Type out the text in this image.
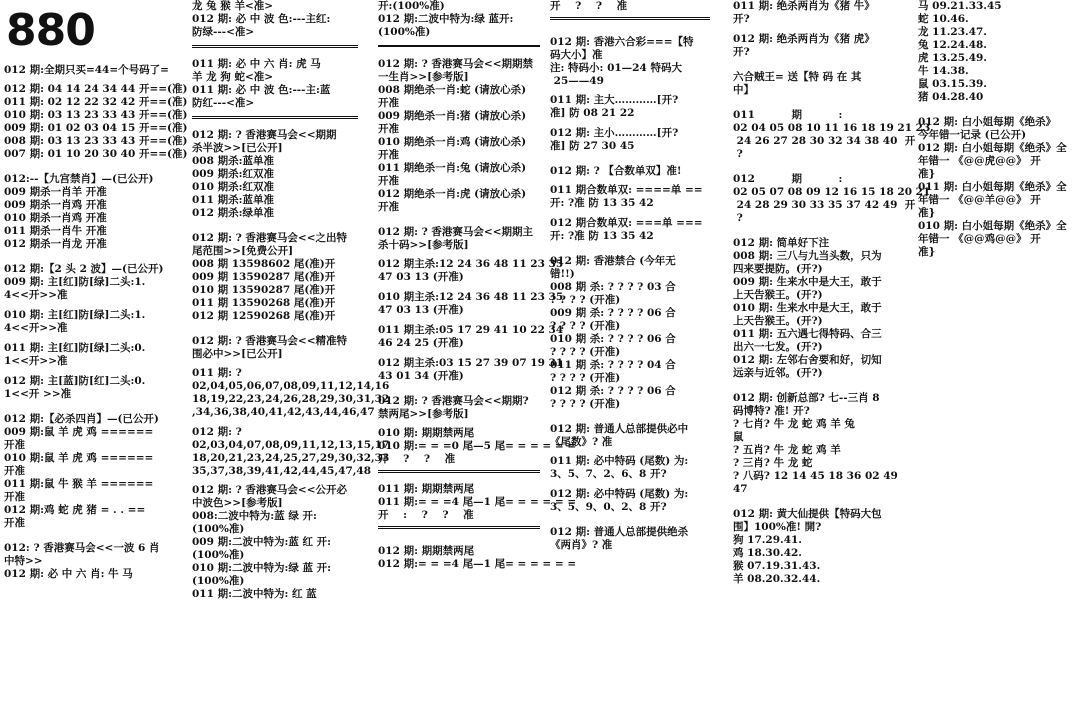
880
012 期:全期只买=44=个号码了=
012 期: 04 14 24 34 44 开==(准)
011 期: 02 12 22 32 42 开==(准)
010 期: 03 13 23 33 43 开==(准)
009 期: 01 02 03 04 15 开==(准)
008 期: 03 13 23 33 43 开==(准)
007 期: 01 10 20 30 40 开==(准)
012:--【九宫禁肖】—(已公开)
009 期杀一肖羊 开准
009 期杀一肖鸡 开准
010 期杀一肖鸡 开准
011 期杀一肖牛 开准
012 期杀一肖龙 开准
012 期:【2 头 2 波】—(已公开)
009 期: 主[红]防[绿]二头:1.
4<<开>>准
010 期: 主[红]防[绿]二头:1.
4<<开>>准
011 期: 主[红]防[绿]二头:0.
1<<开>>准
012 期: 主[蓝]防[红]二头:0.
1<<开 >>准
012 期:【必杀四肖】—(已公开)
009 期:鼠 羊 虎 鸡 ======
开准
010 期:鼠 羊 虎 鸡 ======
开准
011 期:鼠 牛 猴 羊 ======
开准
012 期:鸡 蛇 虎 猪 = . . ==
开准
012: ? 香港赛马会<<一波 6 肖
中特>>
012 期: 必 中 六 肖: 牛 马
龙 兔 猴 羊<准>
012 期: 必 中 波 色:---主红:
防绿---<准>
011 期: 必 中 六 肖: 虎 马
羊 龙 狗 蛇<准>
011 期: 必 中 波 色:---主:蓝
防红---<准>
012 期: ? 香港赛马会<<期期
杀半波>>[已公开]
008 期杀:蓝单准
009 期杀:红双准
010 期杀:红双准
011 期杀:蓝单准
012 期杀:绿单准
012 期: ? 香港赛马会<<之出特
尾范围>>[免费公开]
008 期 13598602 尾(准)开
009 期 13590287 尾(准)开
010 期 13590287 尾(准)开
011 期 13590268 尾(准)开
012 期 12590268 尾(准)开
012 期: ? 香港赛马会<<精准特
围必中>>[已公开]
011 期: ?
02,04,05,06,07,08,09,11,12,14,16
18,19,22,23,24,26,28,29,30,31,32
,34,36,38,40,41,42,43,44,46,47
012 期: ?
02,03,04,07,08,09,11,12,13,15,17
18,20,21,23,24,25,27,29,30,32,33
35,37,38,39,41,42,44,45,47,48
012 期: ? 香港赛马会<<公开必
中波色>>[参考版]
008:二波中特为:蓝 绿 开:
(100%准)
009 期:二波中特为:蓝 红 开:
(100%准)
010 期:二波中特为:绿 蓝 开:
(100%准)
011 期:二波中特为: 红 蓝
开:(100%准)
012 期:二波中特为:绿 蓝开:
(100%准)
012 期: ? 香港赛马会<<期期禁
一生肖>>[参考版]
008 期绝杀一肖:蛇 (请放心杀)
开准
009 期绝杀一肖:猪 (请放心杀)
开准
010 期绝杀一肖:鸡 (请放心杀)
开准
011 期绝杀一肖:兔 (请放心杀)
开准
012 期绝杀一肖:虎 (请放心杀)
开准
012 期: ? 香港赛马会<<期期主
杀十码>>[参考版]
012 期主杀:12 24 36 48 11 23 35
47 03 13 (开准)
010 期主杀:12 24 36 48 11 23 35
47 03 13 (开准)
011 期主杀:05 17 29 41 10 22 34
46 24 25 (开准)
012 期主杀:03 15 27 39 07 19 31
43 01 34 (开准)
012 期: ? 香港赛马会<<期期?
禁两尾>>[参考版]
010 期: 期期禁两尾
010 期:= = =0 尾—5 尾= = = = = =
开    ?    ?    准
011 期: 期期禁两尾
011 期:= = =4 尾—1 尾= = = = = =
开    :    ?    ?    准
012 期: 期期禁两尾
012 期:= = =4 尾—1 尾= = = = = =
开    ?    ?    准
012 期: 香港六合彩===【特
码大小】准
注: 特码小: 01—24 特码大
25——49
011 期: 主大…………[开?
准] 防 08 21 22
012 期: 主小…………[开?
准] 防 27 30 45
012 期: ? 【合数单双】准!
011 期合数单双: ====单 ==
开: ?准 防 13 35 42
012 期合数单双: ===单 ===
开: ?准 防 13 35 42
012 期: 香港禁合 (今年无
错!!)
008 期 杀: ? ? ? ? 03 合
? ? ? ? (开准)
009 期 杀: ? ? ? ? 06 合
? ? ? ? (开准)
010 期 杀: ? ? ? ? 06 合
? ? ? ? (开准)
011 期 杀: ? ? ? ? 04 合
? ? ? ? (开准)
012 期 杀: ? ? ? ? 06 合
? ? ? ? (开准)
012 期: 普通人总部提供必中
《尾数》? 准
011 期: 必中特码 (尾数) 为:
3、5、7、2、6、8 开?
012 期: 必中特码 (尾数) 为:
3、5、9、0、2、8 开?
012 期: 普通人总部提供绝杀
《两肖》? 准
011 期: 绝杀两肖为《猪 牛》
开?
012 期: 绝杀两肖为《猪 虎》
开?
六合贼王= 送【特 码 在 其
中】
011          期          :
02 04 05 08 10 11 16 18 19 21 23
24 26 27 28 30 32 34 38 40  开
?
012          期          :
02 05 07 08 09 12 16 15 18 20 21
24 28 29 30 33 35 37 42 49  开
?
012 期: 简单好下注
008 期: 三八与九当头数，只为
四来要提防。(开?)
009 期: 生来水中是大王，敢于
上天告猴王。(开?)
010 期: 生来水中是大王，敢于
上天告猴王。(开?)
011 期: 五六遇七得特码、合三
出六一七发。(开?)
012 期: 左邻右舍要和好，切知
远亲与近邻。(开?)
012 期: 创新总部? 七--三肖 8
码博特? 准! 开?
? 七肖? 牛 龙 蛇 鸡 羊 兔
鼠
? 五肖? 牛 龙 蛇 鸡 羊
? 三肖? 牛 龙 蛇
? 八码? 12 14 45 18 36 02 49
47
012 期: 黄大仙提供【特码大包
围】100%准! 開?
狗 17.29.41.
鸡 18.30.42.
猴 07.19.31.43.
羊 08.20.32.44.
马 09.21.33.45
蛇 10.46.
龙 11.23.47.
兔 12.24.48.
虎 13.25.49.
牛 14.38.
鼠 03.15.39.
猪 04.28.40
012 期: 白小姐每期《绝杀》
今年错一记录 (已公开)
012 期: 白小姐每期《绝杀》全
年错一 《@@虎@@》 开
准}
011 期: 白小姐每期《绝杀》全
年错一 《@@羊@@》 开
准}
010 期: 白小姐每期《绝杀》全
年错一 《@@鸡@@》 开
准}
